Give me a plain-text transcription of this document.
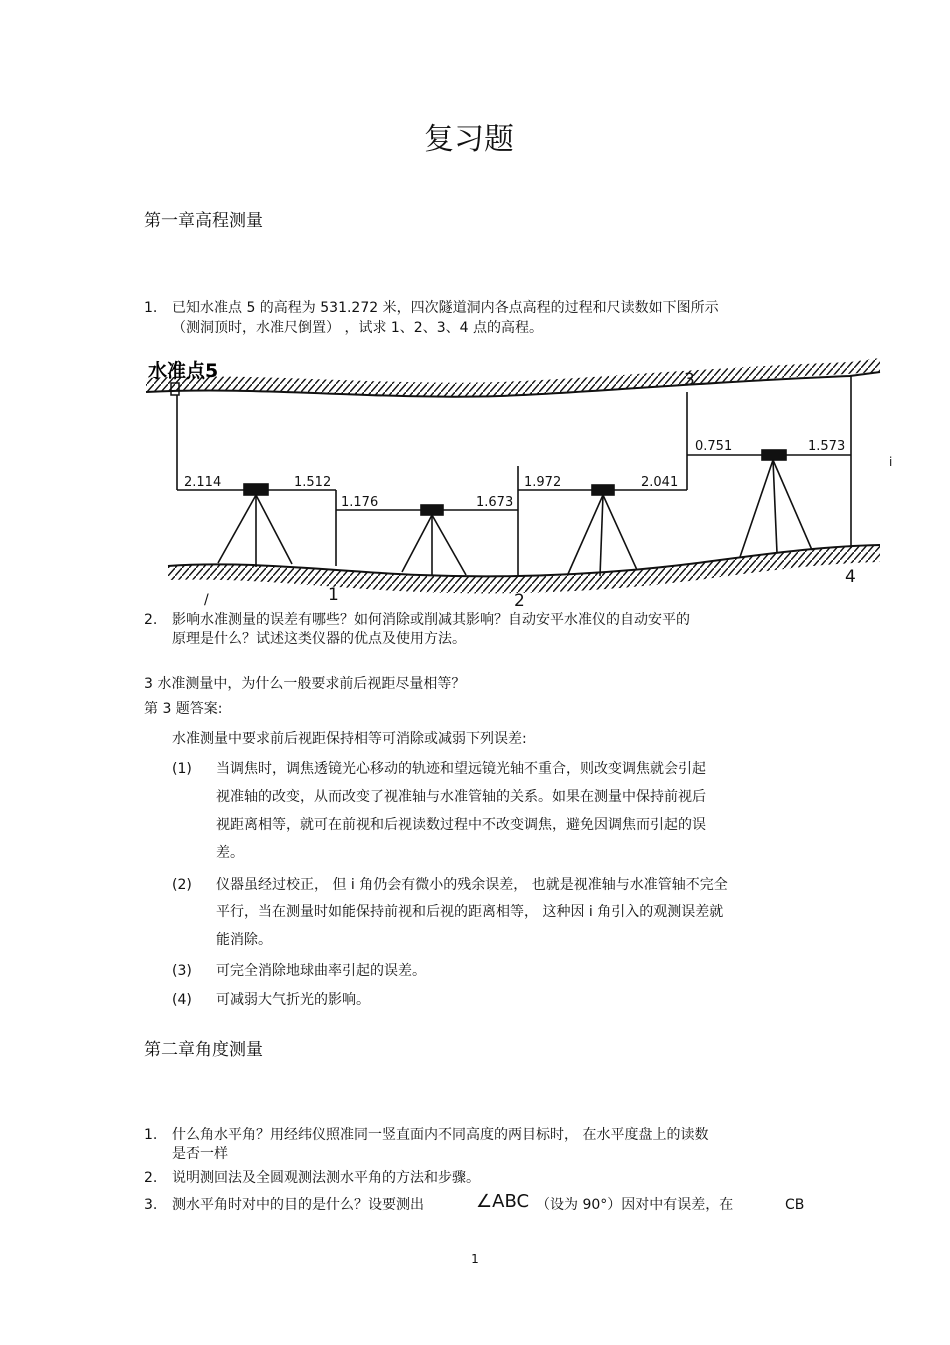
复习题
第一章高程测量
1. 已知水准点 5 的高程为 531.272 米，四次隧道洞内各点高程的过程和尺读数如下图所示
（测洞顶时，水准尺倒置） ，试求 1、2、3、4 点的高程。
水准点5
2.114	1.512
1.176	1.673
1.972	2.041
0.751	1.573
1	2
3
4
/
i
2. 影响水准测量的误差有哪些？如何消除或削减其影响？自动安平水准仪的自动安平的
原理是什么？试述这类仪器的优点及使用方法。
3 水准测量中，为什么一般要求前后视距尽量相等？
第 3 题答案:
水准测量中要求前后视距保持相等可消除或减弱下列误差:
(1) 当调焦时，调焦透镜光心移动的轨迹和望远镜光轴不重合，则改变调焦就会引起
视准轴的改变，从而改变了视准轴与水准管轴的关系。如果在测量中保持前视后
视距离相等，就可在前视和后视读数过程中不改变调焦，避免因调焦而引起的误
差。
(2) 仪器虽经过校正， 但 i 角仍会有微小的残余误差， 也就是视准轴与水准管轴不完全
平行，当在测量时如能保持前视和后视的距离相等， 这种因 i 角引入的观测误差就
能消除。
(3) 可完全消除地球曲率引起的误差。
(4) 可减弱大气折光的影响。
第二章角度测量
1. 什么角水平角？用经纬仪照准同一竖直面内不同高度的两目标时， 在水平度盘上的读数
是否一样
2. 说明测回法及全圆观测法测水平角的方法和步骤。
3. 测水平角时对中的目的是什么？设要测出	∠ABC （设为 90°）因对中有误差，在	CB
1
